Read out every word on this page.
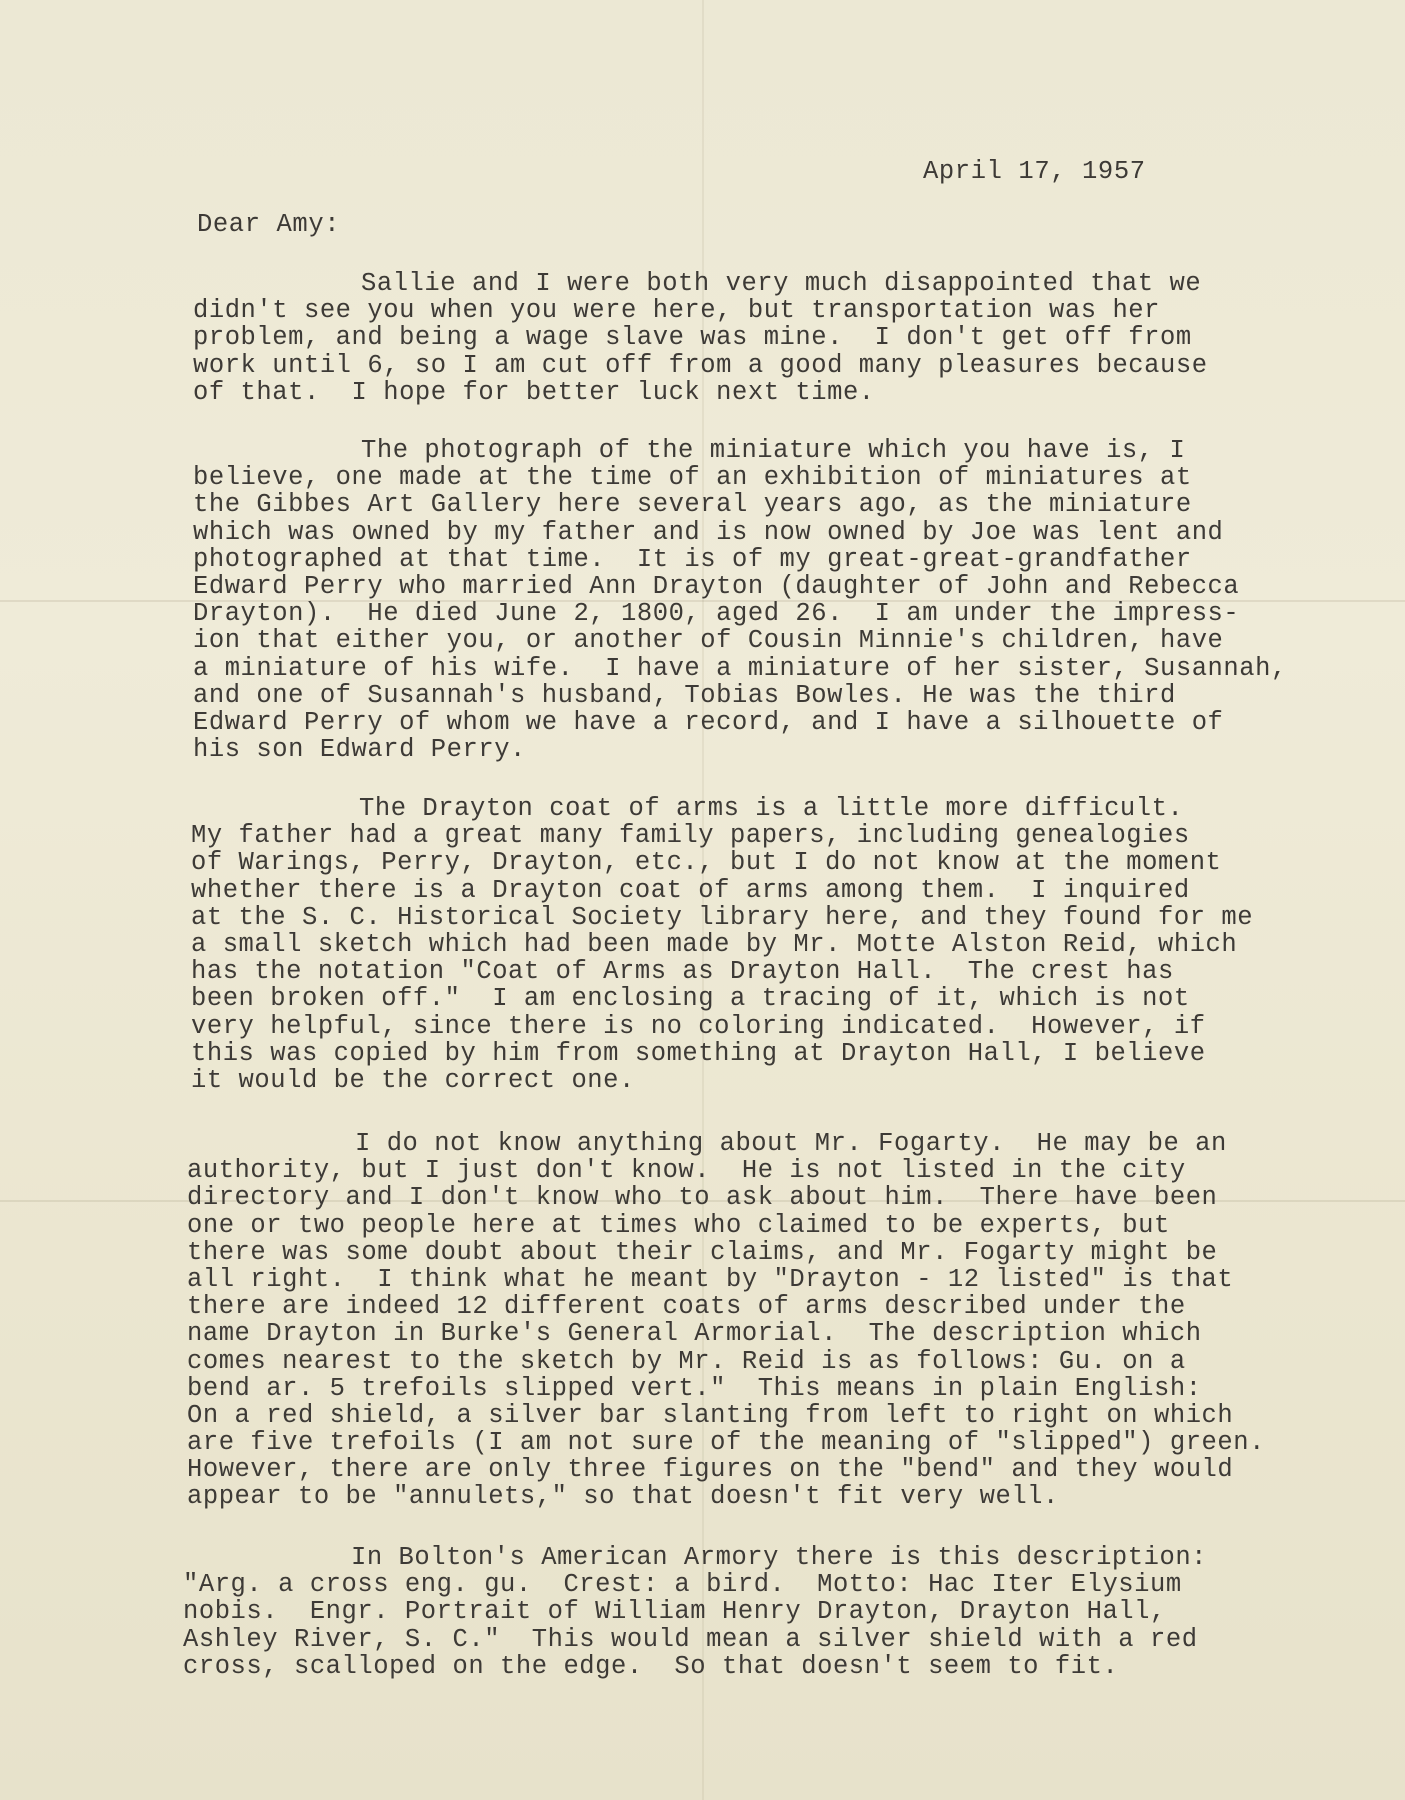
April 17, 1957
Dear Amy:
Sallie and I were both very much disappointed that we
didn't see you when you were here, but transportation was her
problem, and being a wage slave was mine.  I don't get off from
work until 6, so I am cut off from a good many pleasures because
of that.  I hope for better luck next time.
The photograph of the miniature which you have is, I
believe, one made at the time of an exhibition of miniatures at
the Gibbes Art Gallery here several years ago, as the miniature
which was owned by my father and is now owned by Joe was lent and
photographed at that time.  It is of my great-great-grandfather
Edward Perry who married Ann Drayton (daughter of John and Rebecca
Drayton).  He died June 2, 1800, aged 26.  I am under the impress-
ion that either you, or another of Cousin Minnie's children, have
a miniature of his wife.  I have a miniature of her sister, Susannah,
and one of Susannah's husband, Tobias Bowles. He was the third
Edward Perry of whom we have a record, and I have a silhouette of
his son Edward Perry.
The Drayton coat of arms is a little more difficult.
My father had a great many family papers, including genealogies
of Warings, Perry, Drayton, etc., but I do not know at the moment
whether there is a Drayton coat of arms among them.  I inquired
at the S. C. Historical Society library here, and they found for me
a small sketch which had been made by Mr. Motte Alston Reid, which
has the notation "Coat of Arms as Drayton Hall.  The crest has
been broken off."  I am enclosing a tracing of it, which is not
very helpful, since there is no coloring indicated.  However, if
this was copied by him from something at Drayton Hall, I believe
it would be the correct one.
I do not know anything about Mr. Fogarty.  He may be an
authority, but I just don't know.  He is not listed in the city
directory and I don't know who to ask about him.  There have been
one or two people here at times who claimed to be experts, but
there was some doubt about their claims, and Mr. Fogarty might be
all right.  I think what he meant by "Drayton - 12 listed" is that
there are indeed 12 different coats of arms described under the
name Drayton in Burke's General Armorial.  The description which
comes nearest to the sketch by Mr. Reid is as follows: Gu. on a
bend ar. 5 trefoils slipped vert."  This means in plain English:
On a red shield, a silver bar slanting from left to right on which
are five trefoils (I am not sure of the meaning of "slipped") green.
However, there are only three figures on the "bend" and they would
appear to be "annulets," so that doesn't fit very well.
In Bolton's American Armory there is this description:
"Arg. a cross eng. gu.  Crest: a bird.  Motto: Hac Iter Elysium
nobis.  Engr. Portrait of William Henry Drayton, Drayton Hall,
Ashley River, S. C."  This would mean a silver shield with a red
cross, scalloped on the edge.  So that doesn't seem to fit.
